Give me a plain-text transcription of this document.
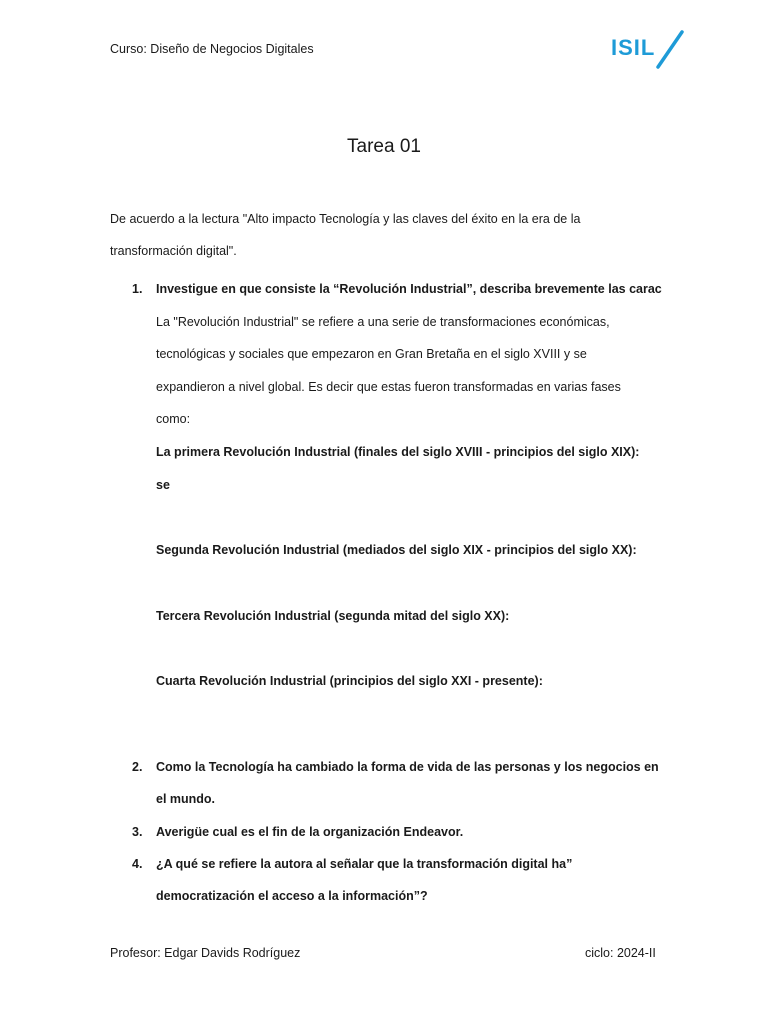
Curso: Diseño de Negocios Digitales	ISIL
Tarea 01
De acuerdo a la lectura "Alto impacto Tecnología y las claves del éxito en la era de la transformación digital".
1. Investigue en que consiste la “Revolución Industrial”, describa brevemente las carac
La "Revolución Industrial" se refiere a una serie de transformaciones económicas, tecnológicas y sociales que empezaron en Gran Bretaña en el siglo XVIII y se expandieron a nivel global. Es decir que estas fueron transformadas en varias fases como:
La primera Revolución Industrial (finales del siglo XVIII - principios del siglo XIX):
se
Segunda Revolución Industrial (mediados del siglo XIX - principios del siglo XX):
Tercera Revolución Industrial (segunda mitad del siglo XX):
Cuarta Revolución Industrial (principios del siglo XXI - presente):
2. Como la Tecnología ha cambiado la forma de vida de las personas y los negocios en
el mundo.
3. Averigüe cual es el fin de la organización Endeavor.
4. ¿A qué se refiere la autora al señalar que la transformación digital ha”
democratización el acceso a la información”?
Profesor: Edgar Davids Rodríguez	ciclo: 2024-II
